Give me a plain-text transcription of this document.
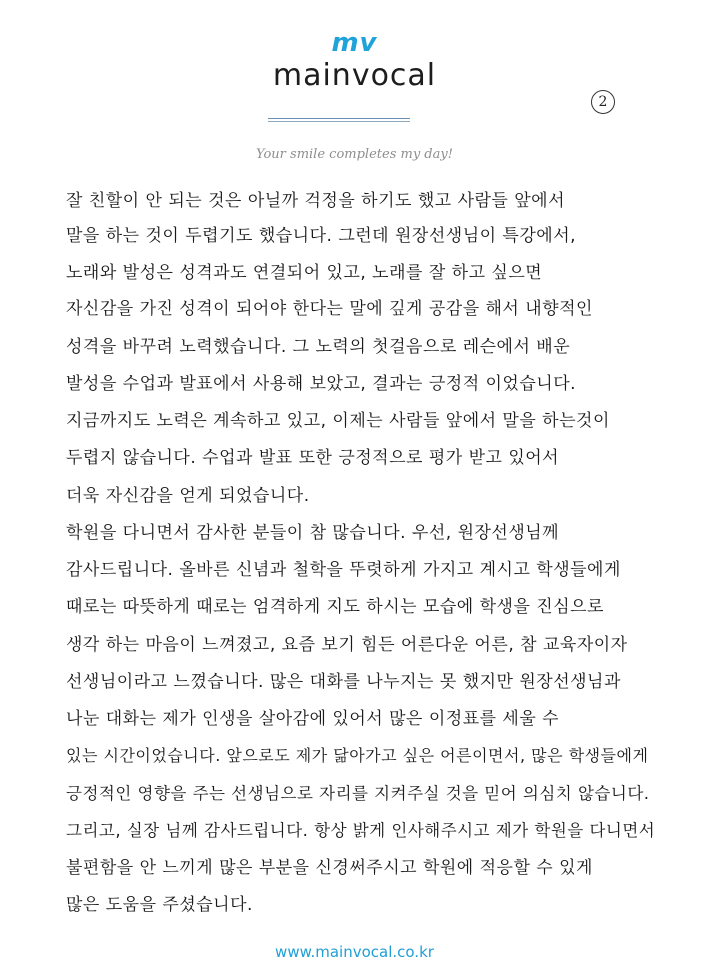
mv
mainvocal
2
Your smile completes my day!
잘 친할이 안 되는 것은 아닐까 걱정을 하기도 했고 사람들 앞에서
말을 하는 것이 두렵기도 했습니다. 그런데 원장선생님이 특강에서,
노래와 발성은 성격과도 연결되어 있고, 노래를 잘 하고 싶으면
자신감을 가진 성격이 되어야 한다는 말에 깊게 공감을 해서 내향적인
성격을 바꾸려 노력했습니다. 그 노력의 첫걸음으로 레슨에서 배운
발성을 수업과 발표에서 사용해 보았고, 결과는 긍정적 이었습니다.
지금까지도 노력은 계속하고 있고, 이제는 사람들 앞에서 말을 하는것이
두렵지 않습니다. 수업과 발표 또한 긍정적으로 평가 받고 있어서
더욱 자신감을 얻게 되었습니다.
학원을 다니면서 감사한 분들이 참 많습니다. 우선, 원장선생님께
감사드립니다. 올바른 신념과 철학을 뚜렷하게 가지고 계시고 학생들에게
때로는 따뜻하게 때로는 엄격하게 지도 하시는 모습에 학생을 진심으로
생각 하는 마음이 느껴졌고, 요즘 보기 힘든 어른다운 어른, 참 교육자이자
선생님이라고 느꼈습니다. 많은 대화를 나누지는 못 했지만 원장선생님과
나눈 대화는 제가 인생을 살아감에 있어서 많은 이정표를 세울 수
있는 시간이었습니다. 앞으로도 제가 닮아가고 싶은 어른이면서, 많은 학생들에게
긍정적인 영향을 주는 선생님으로 자리를 지켜주실 것을 믿어 의심치 않습니다.
그리고, 실장 님께 감사드립니다. 항상 밝게 인사해주시고 제가 학원을 다니면서
불편함을 안 느끼게 많은 부분을 신경써주시고 학원에 적응할 수 있게
많은 도움을 주셨습니다.
www.mainvocal.co.kr
